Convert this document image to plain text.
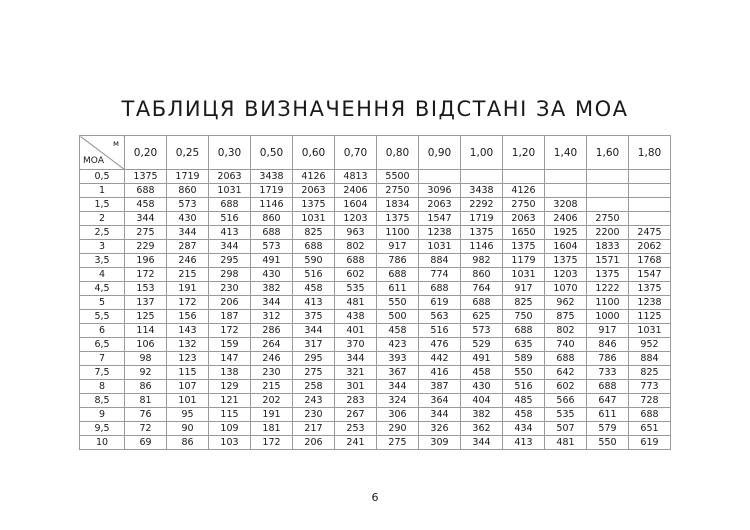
ТАБЛИЦЯ ВИЗНАЧЕННЯ ВІДСТАНІ ЗА МОА
м
МОА	0,20	0,25	0,30	0,50	0,60	0,70	0,80	0,90	1,00	1,20	1,40	1,60	1,80
0,5	1375	1719	2063	3438	4126	4813	5500						
1	688	860	1031	1719	2063	2406	2750	3096	3438	4126			
1,5	458	573	688	1146	1375	1604	1834	2063	2292	2750	3208		
2	344	430	516	860	1031	1203	1375	1547	1719	2063	2406	2750	
2,5	275	344	413	688	825	963	1100	1238	1375	1650	1925	2200	2475
3	229	287	344	573	688	802	917	1031	1146	1375	1604	1833	2062
3,5	196	246	295	491	590	688	786	884	982	1179	1375	1571	1768
4	172	215	298	430	516	602	688	774	860	1031	1203	1375	1547
4,5	153	191	230	382	458	535	611	688	764	917	1070	1222	1375
5	137	172	206	344	413	481	550	619	688	825	962	1100	1238
5,5	125	156	187	312	375	438	500	563	625	750	875	1000	1125
6	114	143	172	286	344	401	458	516	573	688	802	917	1031
6,5	106	132	159	264	317	370	423	476	529	635	740	846	952
7	98	123	147	246	295	344	393	442	491	589	688	786	884
7,5	92	115	138	230	275	321	367	416	458	550	642	733	825
8	86	107	129	215	258	301	344	387	430	516	602	688	773
8,5	81	101	121	202	243	283	324	364	404	485	566	647	728
9	76	95	115	191	230	267	306	344	382	458	535	611	688
9,5	72	90	109	181	217	253	290	326	362	434	507	579	651
10	69	86	103	172	206	241	275	309	344	413	481	550	619
6
